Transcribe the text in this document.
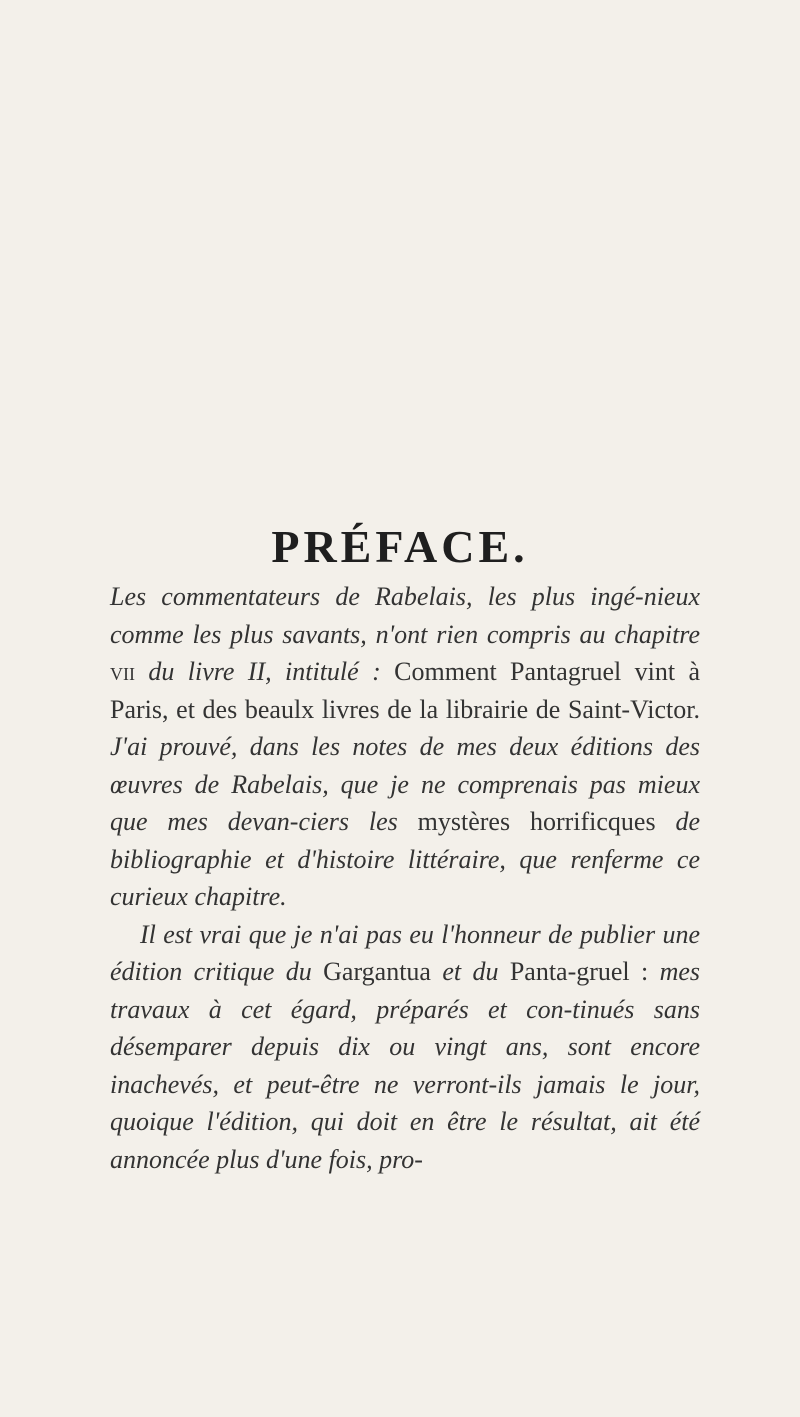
PRÉFACE.

Les commentateurs de Rabelais, les plus ingé-nieux comme les plus savants, n'ont rien compris au chapitre vii du livre II, intitulé : Comment Pantagruel vint à Paris, et des beaulx livres de la librairie de Saint-Victor. J'ai prouvé, dans les notes de mes deux éditions des œuvres de Rabelais, que je ne comprenais pas mieux que mes devan-ciers les mystères horrificques de bibliographie et d'histoire littéraire, que renferme ce curieux chapitre.

Il est vrai que je n'ai pas eu l'honneur de publier une édition critique du Gargantua et du Panta-gruel : mes travaux à cet égard, préparés et con-tinués sans désemparer depuis dix ou vingt ans, sont encore inachevés, et peut-être ne verront-ils jamais le jour, quoique l'édition, qui doit en être le résultat, ait été annoncée plus d'une fois, pro-
